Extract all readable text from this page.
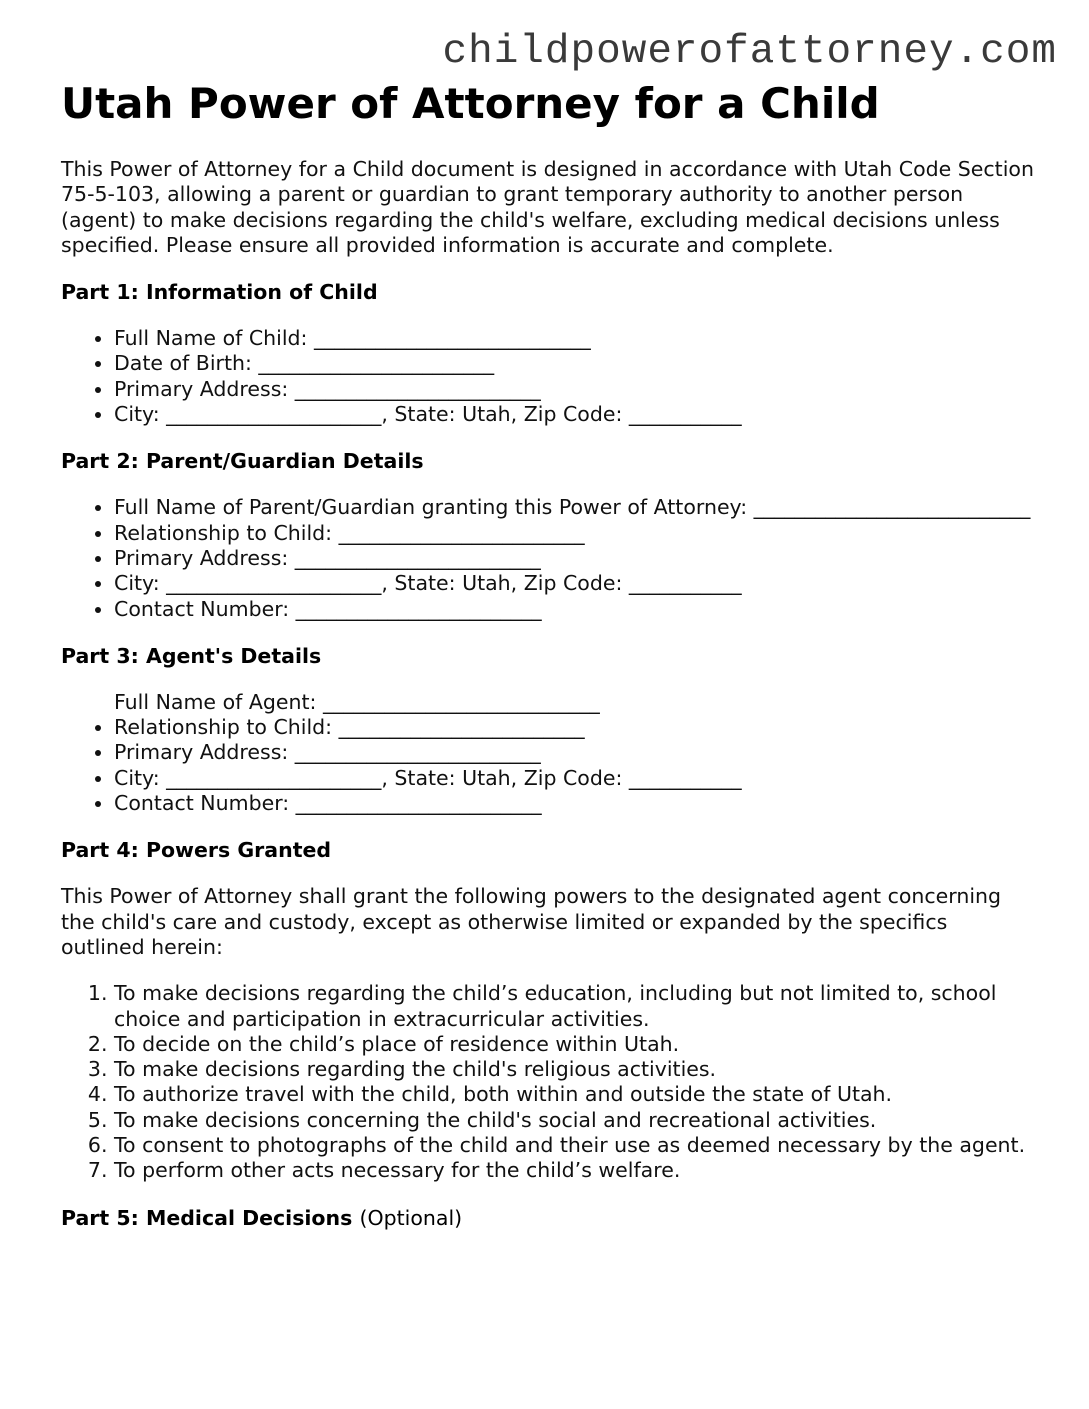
childpowerofattorney.com
Utah Power of Attorney for a Child

This Power of Attorney for a Child document is designed in accordance with Utah Code Section 75-5-103, allowing a parent or guardian to grant temporary authority to another person (agent) to make decisions regarding the child's welfare, excluding medical decisions unless specified. Please ensure all provided information is accurate and complete.

Part 1: Information of Child
• Full Name of Child: ___________________________
• Date of Birth: _______________________
• Primary Address: ________________________
• City: _____________________, State: Utah, Zip Code: ___________
Part 2: Parent/Guardian Details
• Full Name of Parent/Guardian granting this Power of Attorney: ___________________________
• Relationship to Child: ________________________
• Primary Address: ________________________
• City: _____________________, State: Utah, Zip Code: ___________
• Contact Number: ________________________
Part 3: Agent's Details
Full Name of Agent: ___________________________
• Relationship to Child: ________________________
• Primary Address: ________________________
• City: _____________________, State: Utah, Zip Code: ___________
• Contact Number: ________________________
Part 4: Powers Granted

This Power of Attorney shall grant the following powers to the designated agent concerning the child's care and custody, except as otherwise limited or expanded by the specifics outlined herein:

1. To make decisions regarding the child’s education, including but not limited to, school choice and participation in extracurricular activities.
2. To decide on the child’s place of residence within Utah.
3. To make decisions regarding the child's religious activities.
4. To authorize travel with the child, both within and outside the state of Utah.
5. To make decisions concerning the child's social and recreational activities.
6. To consent to photographs of the child and their use as deemed necessary by the agent.
7. To perform other acts necessary for the child’s welfare.
Part 5: Medical Decisions (Optional)
